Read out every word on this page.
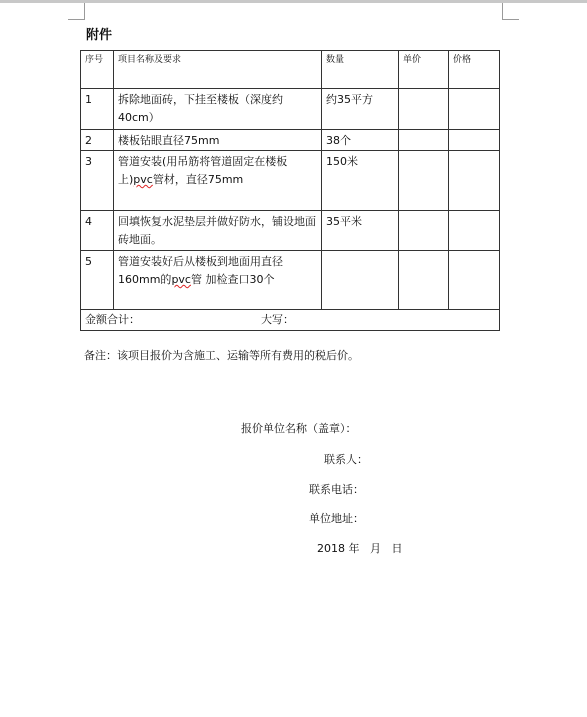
附件
序号	项目名称及要求	数量	单价	价格
1	拆除地面砖，下挂至楼板（深度约40cm）	约35平方		
2	楼板钻眼直径75mm	38个		
3	管道安装(用吊筋将管道固定在楼板上)pvc管材，直径75mm	150米		
4	回填恢复水泥垫层并做好防水，铺设地面砖地面。	35平米		
5	管道安装好后从楼板到地面用直径160mm的pvc管 加检查口30个			

金额合计： 大写：				
备注：该项目报价为含施工、运输等所有费用的税后价。
报价单位名称（盖章）：
联系人：
联系电话：
单位地址：
2018 年   月   日
